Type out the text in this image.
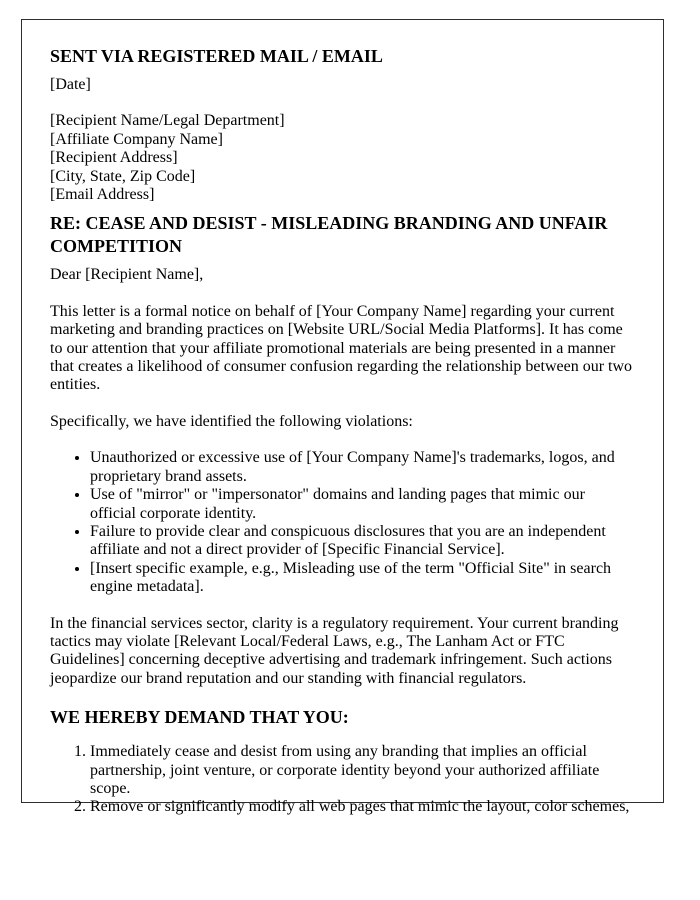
SENT VIA REGISTERED MAIL / EMAIL

[Date]

[Recipient Name/Legal Department]
[Affiliate Company Name]
[Recipient Address]
[City, State, Zip Code]
[Email Address]
RE: CEASE AND DESIST - MISLEADING BRANDING AND UNFAIR COMPETITION

Dear [Recipient Name],

This letter is a formal notice on behalf of [Your Company Name] regarding your current marketing and branding practices on [Website URL/Social Media Platforms]. It has come to our attention that your affiliate promotional materials are being presented in a manner that creates a likelihood of consumer confusion regarding the relationship between our two entities.

Specifically, we have identified the following violations:

• Unauthorized or excessive use of [Your Company Name]'s trademarks, logos, and proprietary brand assets.
• Use of "mirror" or "impersonator" domains and landing pages that mimic our official corporate identity.
• Failure to provide clear and conspicuous disclosures that you are an independent affiliate and not a direct provider of [Specific Financial Service].
• [Insert specific example, e.g., Misleading use of the term "Official Site" in search engine metadata].

In the financial services sector, clarity is a regulatory requirement. Your current branding tactics may violate [Relevant Local/Federal Laws, e.g., The Lanham Act or FTC Guidelines] concerning deceptive advertising and trademark infringement. Such actions jeopardize our brand reputation and our standing with financial regulators.

WE HEREBY DEMAND THAT YOU:
1. Immediately cease and desist from using any branding that implies an official partnership, joint venture, or corporate identity beyond your authorized affiliate scope.
2. Remove or significantly modify all web pages that mimic the layout, color schemes,
